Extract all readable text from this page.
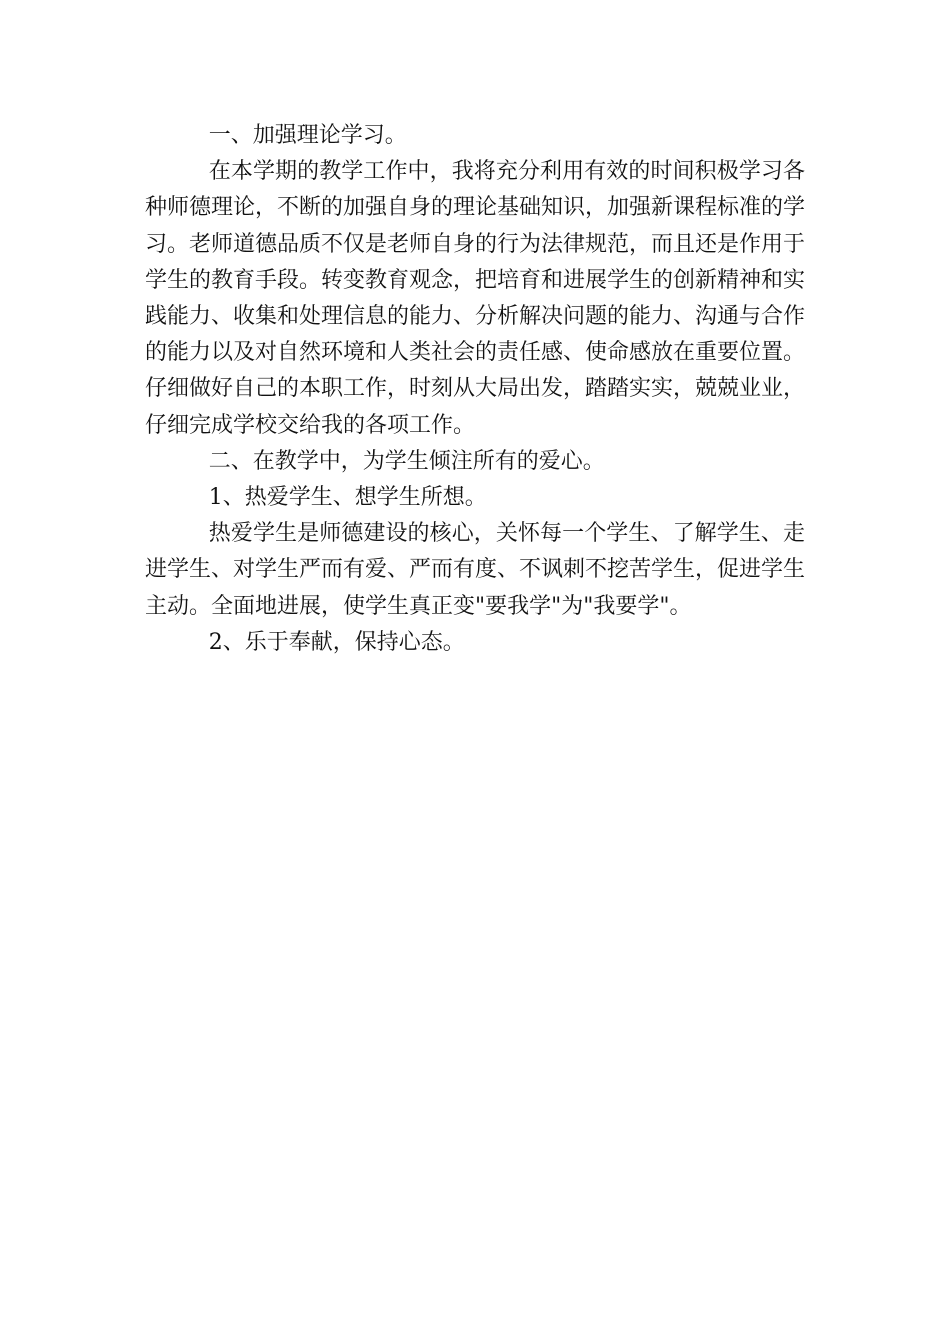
一、加强理论学习。

在本学期的教学工作中，我将充分利用有效的时间积极学习各种师德理论，不断的加强自身的理论基础知识，加强新课程标准的学习。老师道德品质不仅是老师自身的行为法律规范，而且还是作用于学生的教育手段。转变教育观念，把培育和进展学生的创新精神和实践能力、收集和处理信息的能力、分析解决问题的能力、沟通与合作的能力以及对自然环境和人类社会的责任感、使命感放在重要位置。仔细做好自己的本职工作，时刻从大局出发，踏踏实实，兢兢业业，仔细完成学校交给我的各项工作。

二、在教学中，为学生倾注所有的爱心。

1、热爱学生、想学生所想。

热爱学生是师德建设的核心，关怀每一个学生、了解学生、走进学生、对学生严而有爱、严而有度、不讽刺不挖苦学生，促进学生主动。全面地进展，使学生真正变"要我学"为"我要学"。

2、乐于奉献，保持心态。
